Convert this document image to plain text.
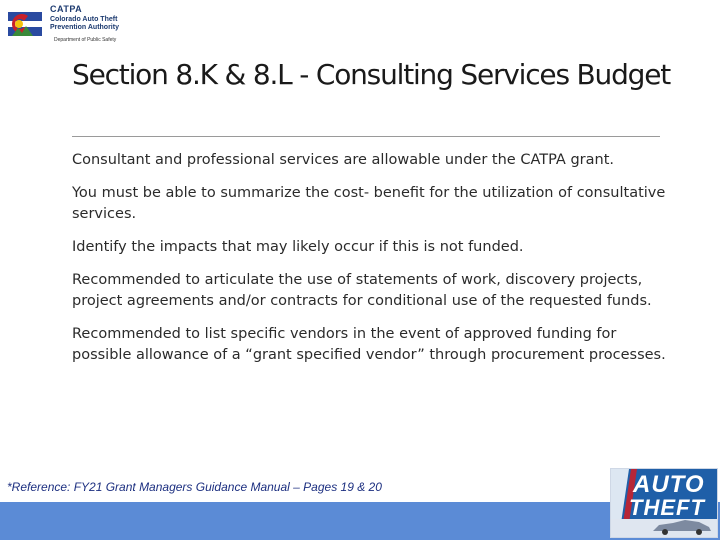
CATPA
Colorado Auto Theft Prevention Authority
Department of Public Safety
Section 8.K & 8.L - Consulting Services Budget
Consultant and professional services are allowable under the CATPA grant.
You must be able to summarize the cost- benefit for the utilization of consultative services.
Identify the impacts that may likely occur if this is not funded.
Recommended to articulate the use of statements of work, discovery projects, project agreements and/or contracts for conditional use of the requested funds.
Recommended to list specific vendors in the event of approved funding for possible allowance of a “grant specified vendor” through procurement processes.
*Reference: FY21 Grant Managers Guidance Manual – Pages 19 & 20	AUTO
THEFT
